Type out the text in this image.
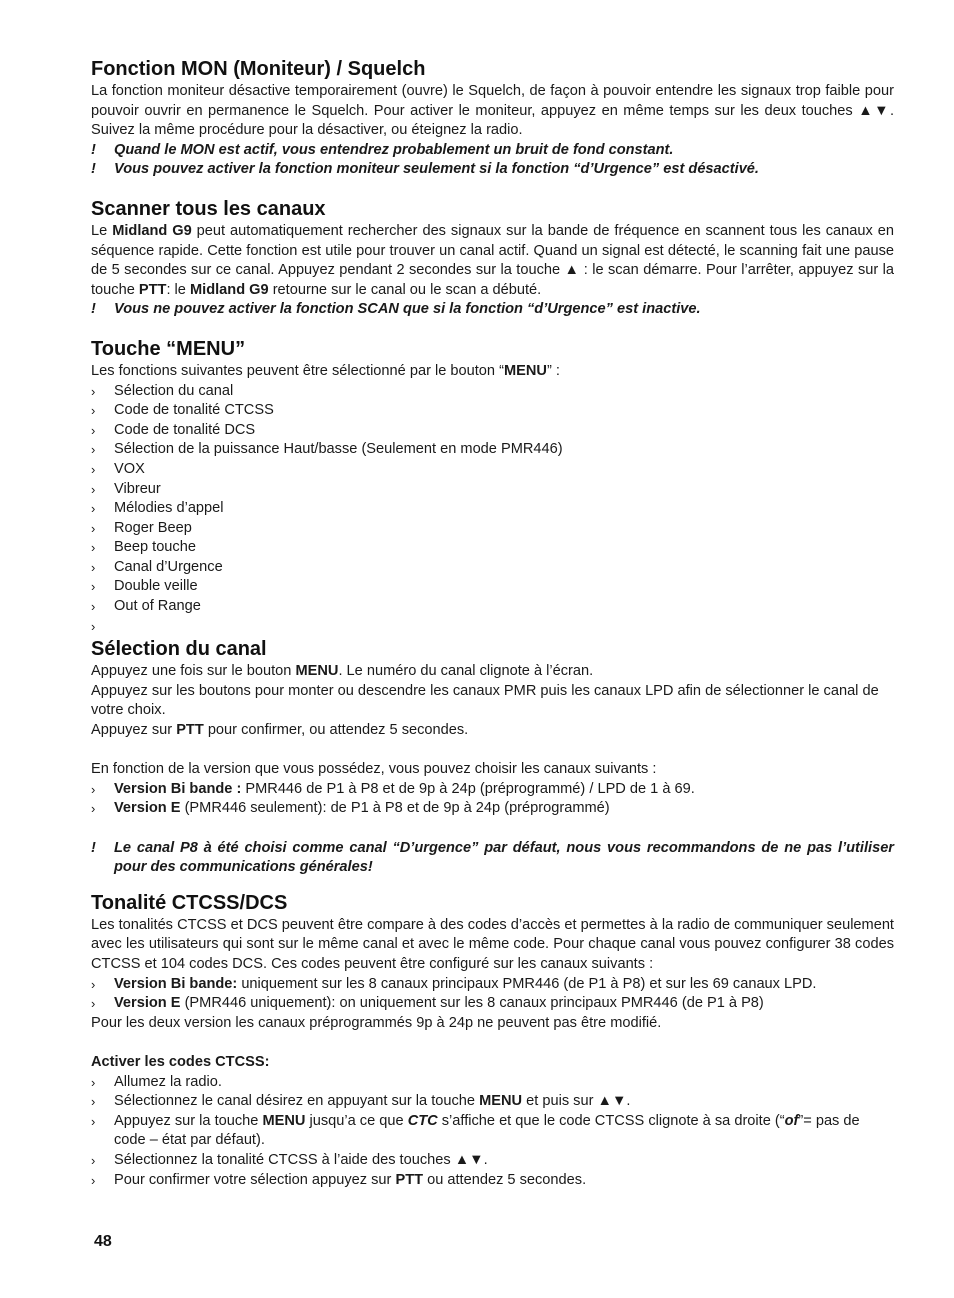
Fonction MON (Moniteur) / Squelch

La fonction moniteur désactive temporairement (ouvre) le Squelch, de façon à pouvoir entendre les signaux trop faible pour pouvoir ouvrir en permanence le Squelch. Pour activer le moniteur, appuyez en même temps sur les deux touches ▲▼. Suivez la même procédure pour la désactiver, ou éteignez la radio.

!	Quand le MON est actif, vous entendrez probablement un bruit de fond constant.
!	Vous pouvez activer la fonction moniteur seulement si la fonction “d’Urgence” est désactivé.
Scanner tous les canaux

Le Midland G9 peut automatiquement rechercher des signaux sur la bande de fréquence en scannent tous les canaux en séquence rapide. Cette fonction est utile pour trouver un canal actif. Quand un signal est détecté, le scanning fait une pause de 5 secondes sur ce canal. Appuyez pendant 2 secondes sur la touche ▲ : le scan démarre. Pour l’arrêter, appuyez sur la touche PTT: le Midland G9 retourne sur le canal ou le scan a débuté.

!	Vous ne pouvez activer la fonction SCAN que si la fonction “d’Urgence” est inactive.
Touche “MENU”

Les fonctions suivantes peuvent être sélectionné par le bouton “MENU” :

›	Sélection du canal
›	Code de tonalité CTCSS
›	Code de tonalité DCS
›	Sélection de la puissance Haut/basse (Seulement en mode PMR446)
›	VOX
›	Vibreur
›	Mélodies d’appel
›	Roger Beep
›	Beep touche
›	Canal d’Urgence
›	Double veille
›	Out of Range
›
Sélection du canal

Appuyez une fois sur le bouton MENU. Le numéro du canal clignote à l’écran.

Appuyez sur les boutons pour monter ou descendre les canaux PMR puis les canaux LPD afin de sélectionner le canal de votre choix.

Appuyez sur PTT pour confirmer, ou attendez 5 secondes.

En fonction de la version que vous possédez, vous pouvez choisir les canaux suivants :

›	Version Bi bande : PMR446 de P1 à P8 et de 9p à 24p (préprogrammé) / LPD de 1 à 69.
›	Version E (PMR446 seulement): de P1 à P8 et de 9p à 24p (préprogrammé)
!	Le canal P8 à été choisi comme canal “D’urgence” par défaut, nous vous recommandons de ne pas l’utiliser pour des communications générales!
Tonalité CTCSS/DCS

Les tonalités CTCSS et DCS peuvent être compare à des codes d’accès et permettes à la radio de communiquer seulement avec les utilisateurs qui sont sur le même canal et avec le même code. Pour chaque canal vous pouvez configurer 38 codes CTCSS et 104 codes DCS. Ces codes peuvent être configuré sur les canaux suivants :

›	Version Bi bande: uniquement sur les 8 canaux principaux PMR446 (de P1 à P8) et sur les 69 canaux LPD.
›	Version E (PMR446 uniquement): on uniquement sur les 8 canaux principaux PMR446 (de P1 à P8)

Pour les deux version les canaux préprogrammés 9p à 24p ne peuvent pas être modifié.

Activer les codes CTCSS:
›	Allumez la radio.
›	Sélectionnez le canal désirez en appuyant sur la touche MENU et puis sur ▲▼.
›	Appuyez sur la touche MENU jusqu’a ce que CTC s’affiche et que le code CTCSS clignote à sa droite (“of”= pas de code – état par défaut).
›	Sélectionnez la tonalité CTCSS à l’aide des touches ▲▼.
›	Pour confirmer votre sélection appuyez sur PTT ou attendez 5 secondes.
48
